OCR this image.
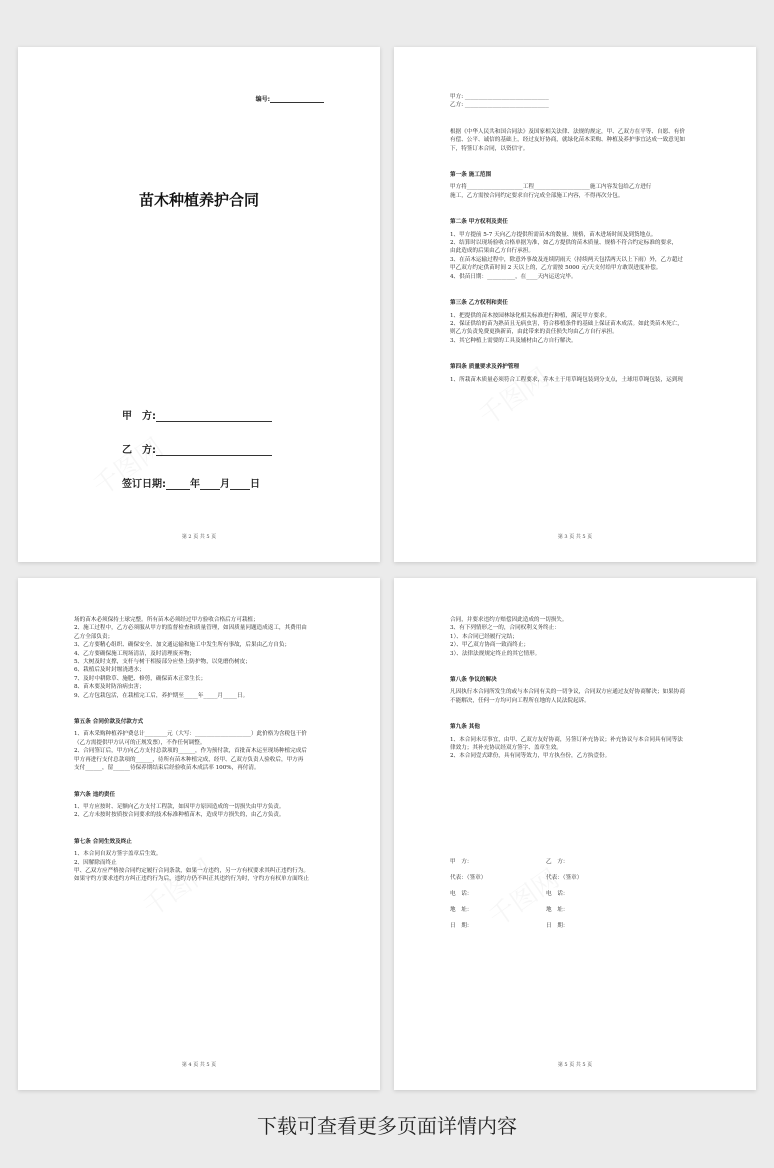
编号:
苗木种植养护合同
甲　方:
乙　方:
签订日期: 年 月 日
第 2 页 共 5 页
甲方: ______________________________
乙方: ______________________________
根据《中华人民共和国合同法》及国家相关法律、法规的规定，甲、乙双方在平等、自愿、有价
有偿、公平、诚信的基础上，经过友好协商，就绿化苗木采购、种植及养护事宜达成一致意见如
下，特签订本合同，以资信守。
第一条 施工范围
甲方将____________________工程____________________施工内容发包给乙方进行
施工，乙方需按合同约定要求自行完成全部施工内容，不得再次分包。
第二条 甲方权利及责任
1、甲方提前 5-7 天向乙方提供所需苗木的数量、规格，苗木进场时间及到货地点。
2、结算时以现场验收合格单据为准，如乙方提供的苗木质量、规格不符合约定标准的要求，
由此造成的后果由乙方自行承担。
3、在苗木运输过程中，除意外事故及连续阴雨天（持续两天包括两天以上下雨）外，乙方超过
甲乙双方约定供苗时间 2 天以上的，乙方需按 5000 元/天支付给甲方敢误进度补偿。
4、供苗日期：__________，在____天内运送完毕。
第三条 乙方权利和责任
1、把提供的苗木按园林绿化相关标准进行种植，满足甲方要求。
2、保证供给的苗为熟苗且无病虫害，符合移植条件的基础上保证苗木成活。如此类苗木死亡，
则乙方负责免费更换新苗，由此带来的责任损失均由乙方自行承担。
3、其它种植上需要的工具及辅材由乙方自行解决。
第四条 质量要求及养护管理
1、所栽苗木质量必须符合工程要求，乔木土于用草绳包装到分支点，土球用草绳包装，运到现
第 3 页 共 5 页
场的苗木必须保持土球完整。所有苗木必须经过甲方验收合格后方可栽植；
2、施工过程中，乙方必须服从甲方的监督检查和质量管理，如因质量问题造成返工，其费用由
乙方全部负责；
3、乙方要精心组织、确保安全、加文通运输和施工中发生所有事故，后果由乙方自负；
4、乙方要确保施工现场清洁，及时清理废弃物；
5、大树及时支撑，支杆与树干相接部分应垫上防护物，以免磨伤树皮；
6、栽植后及时封堰浇透水；
7、及时中耕除草、施肥、修剪，确保苗木正常生长；
8、苗木要及时防治病虫害；
9、乙方包栽包活，在栽植完工后，养护期至_____年_____月_____日。
第五条 合同价款及付款方式
1、苗木采购种植养护费总计________元（大写：____________________）此价格为含税包干价
（乙方需提供甲方认可的正规发票），不作任何调整。
2、合同签订后，甲方向乙方支付总款项的______，作为预付款，首批苗木运至现场种植完成后
甲方再进行支付总款项的______，待所有苗木种植完成，经甲、乙双方负责人验收后，甲方再
支付______，留______待保养期结束后经验收苗木成活率 100%，再付清。
第六条 违约责任
1、甲方应按时、足额向乙方支付工程款，如因甲方原因造成的一切损失由甲方负责。
2、乙方未按时按质按合同要求的技术标准种植苗木，造成甲方损失的，由乙方负责。
第七条 合同生效及终止
1、本合同自双方签字盖章后生效。
2、因解除而终止
甲、乙双方应严格按合同约定履行合同条款，如果一方违约，另一方有权要求其纠正违约行为。
如果守约方要求违约方纠正违约行为后，违约方仍不纠正其违约行为时，守约方有权单方面终止
第 4 页 共 5 页
合同，并要求违约方赔偿因此造成的一切损失。
3、有下列情形之一的，合同权利义务终止：
1）、本合同已经履行完结；
2）、甲乙双方协商一致而终止；
3）、法律法规规定终止的其它情形。
第八条 争议的解决
凡因执行本合同所发生的或与本合同有关的一切争议，合同双方应通过友好协商解决；如果协商
不能解决，任何一方均可向工程所在地的人民法院起诉。
第九条 其他
1、本合同未尽事宜，由甲、乙双方友好协商，另签订补充协议；补充协议与本合同具有同等法
律效力；其补充协议经双方签字、盖章生效。
2、本合同壹式肆份，具有同等效力，甲方执叁份，乙方执壹份。
甲　方：	乙　方：
代表：（签章）	代表：（签章）
电　话：	电　话：
地　址：	地　址：
日　期：	日　期：
第 5 页 共 5 页
下载可查看更多页面详情内容
